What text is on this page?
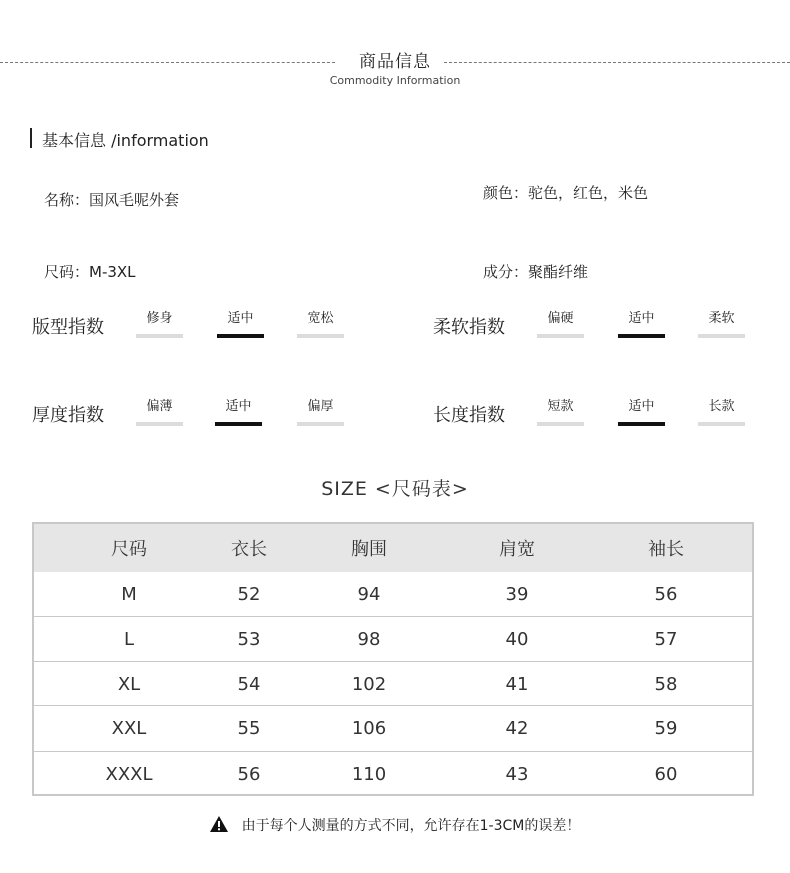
商品信息
Commodity Information
基本信息 /information
名称：国风毛呢外套	颜色：驼色，红色，米色
尺码：M-3XL	成分：聚酯纤维
版型指数	修身	适中	宽松	柔软指数	偏硬	适中	柔软
厚度指数	偏薄	适中	偏厚	长度指数	短款	适中	长款
SIZE <尺码表>
尺码	衣长	胸围	肩宽	袖长
M	52	94	39	56
L	53	98	40	57
XL	54	102	41	58
XXL	55	106	42	59
XXXL	56	110	43	60
由于每个人测量的方式不同，允许存在1-3CM的误差！
